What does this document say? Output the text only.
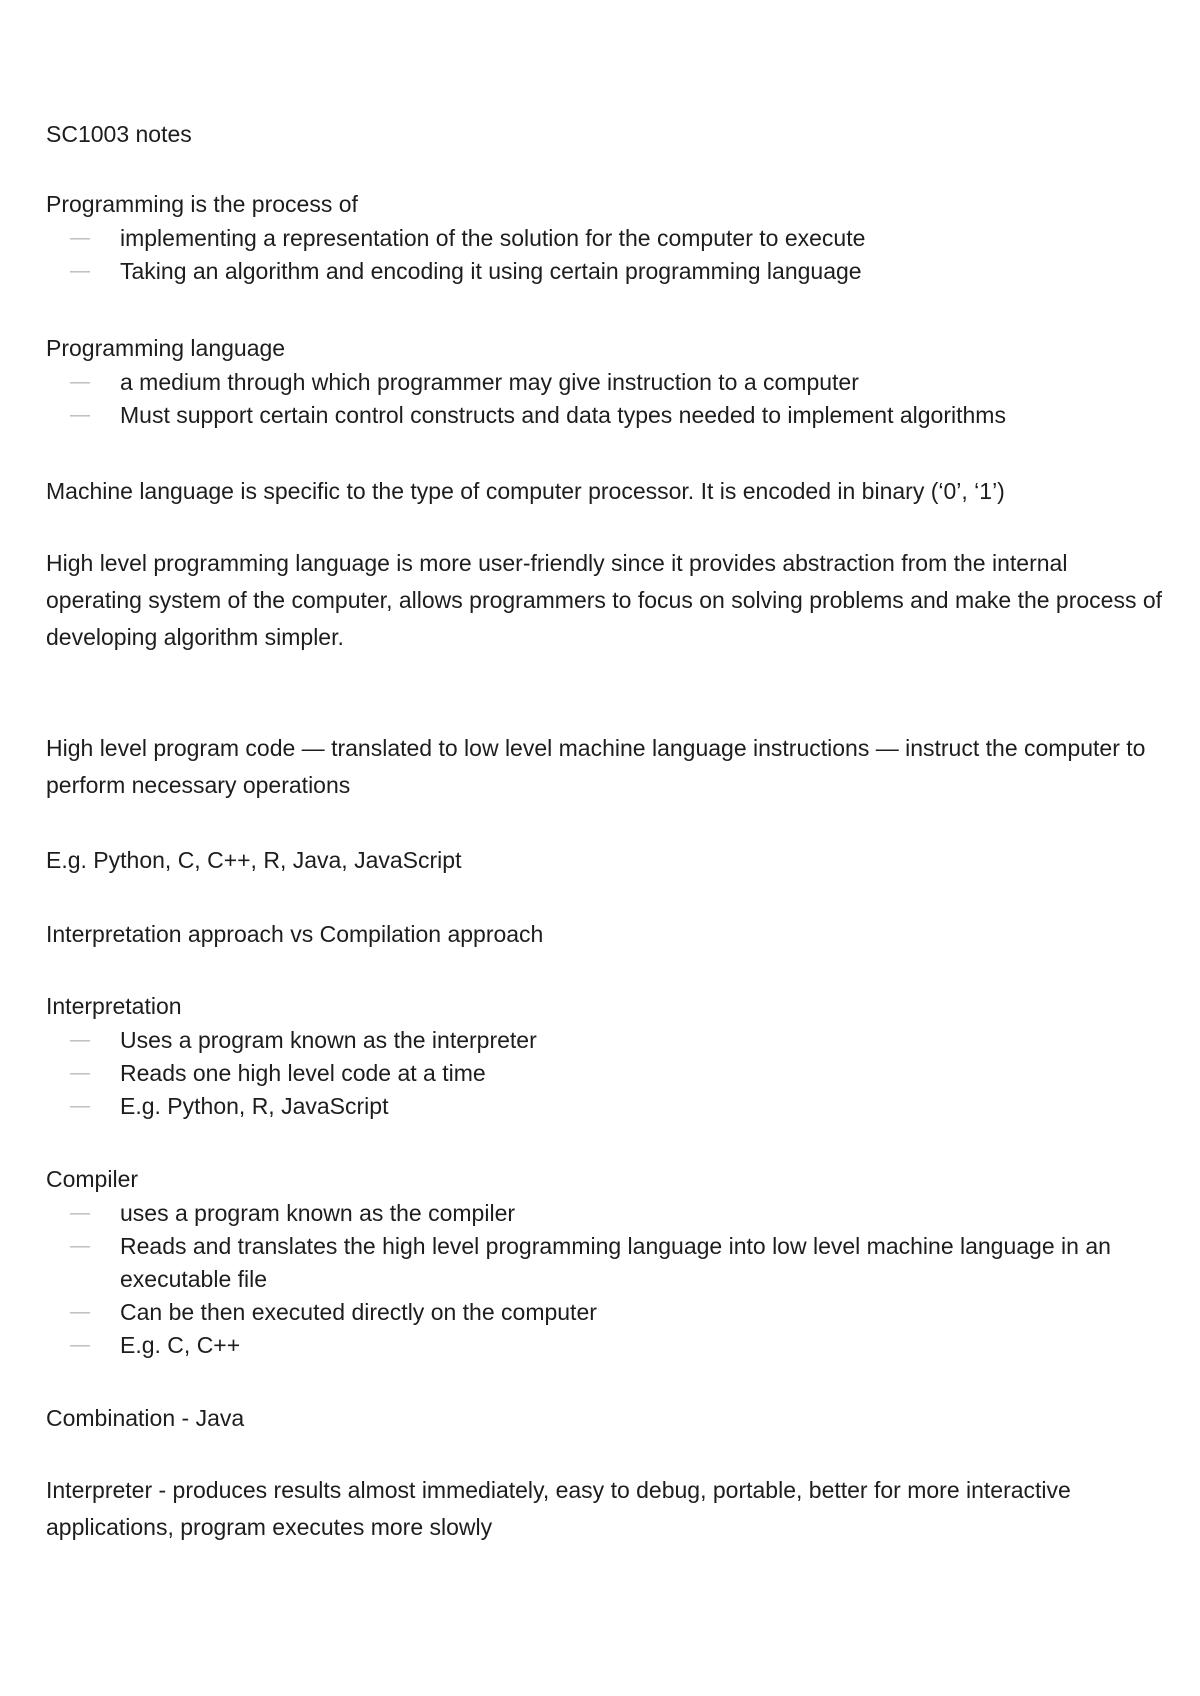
SC1003 notes
Programming is the process of
— implementing a representation of the solution for the computer to execute
— Taking an algorithm and encoding it using certain programming language
Programming language
— a medium through which programmer may give instruction to a computer
— Must support certain control constructs and data types needed to implement algorithms
Machine language is specific to the type of computer processor. It is encoded in binary (‘0’, ‘1’)
High level programming language is more user-friendly since it provides abstraction from the internal operating system of the computer, allows programmers to focus on solving problems and make the process of developing algorithm simpler.
High level program code — translated to low level machine language instructions — instruct the computer to perform necessary operations
E.g. Python, C, C++, R, Java, JavaScript
Interpretation approach vs Compilation approach
Interpretation
— Uses a program known as the interpreter
— Reads one high level code at a time
— E.g. Python, R, JavaScript
Compiler
— uses a program known as the compiler
— Reads and translates the high level programming language into low level machine language in an executable file
— Can be then executed directly on the computer
— E.g. C, C++
Combination - Java
Interpreter - produces results almost immediately, easy to debug, portable, better for more interactive applications, program executes more slowly
